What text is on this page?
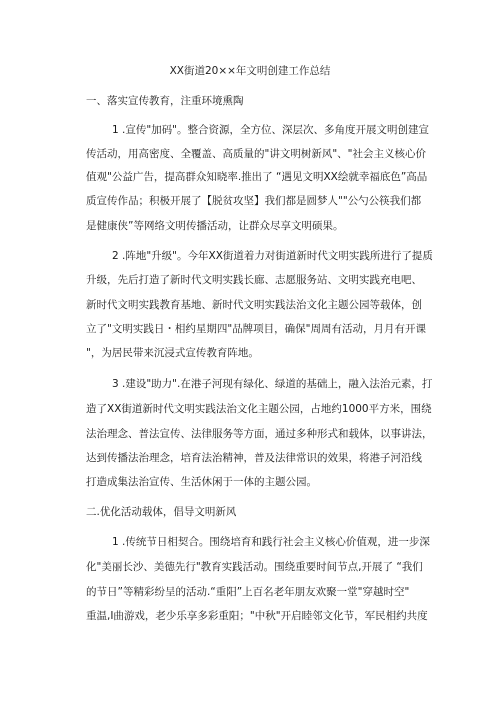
XX街道20××年文明创建工作总结
一、落实宣传教育，注重环境熏陶
1 .宣传"加码"。整合资源，全方位、深层次、多角度开展文明创建宣
传活动，用高密度、全覆盖、高质量的"讲文明树新风"、"社会主义核心价
值观"公益广告，提高群众知晓率.推出了 “遇见文明XX绘就幸福底色”高品
质宣传作品；积极开展了【脱贫攻坚】我们都是圆梦人""公勺公筷我们都
是健康侠”等网络文明传播活动，让群众尽享文明硕果。
2 .阵地"升级"。今年XX街道着力对街道新时代文明实践所进行了提质
升级，先后打造了新时代文明实践长廊、志愿服务站、文明实践充电吧、
新时代文明实践教育基地、新时代文明实践法治文化主题公园等载体，创
立了"文明实践日・相约星期四"品牌项目，确保"周周有活动，月月有开课
"，为居民带来沉浸式宣传教育阵地。
3 .建设"助力".在港子河现有绿化、绿道的基础上，融入法治元素，打
造了XX街道新时代文明实践法治文化主题公园，占地约1000平方米，围绕
法治理念、普法宣传、法律服务等方面，通过多种形式和载体，以事讲法，
达到传播法治理念，培育法治精神，普及法律常识的效果，将港子河沿线
打造成集法治宣传、生活休闲于一体的主题公园。
二.优化活动载体，倡导文明新风
1 .传统节日相契合。围绕培育和践行社会主义核心价值观，进一步深
化"美丽长沙、美德先行"教育实践活动。围绕重要时间节点,开展了 “我们
的节日”等精彩纷呈的活动.“重阳”上百名老年朋友欢聚一堂"穿越时空"
重温,I曲游戏，老少乐享多彩重阳；"中秋"开启睦邻文化节，军民相约共度
